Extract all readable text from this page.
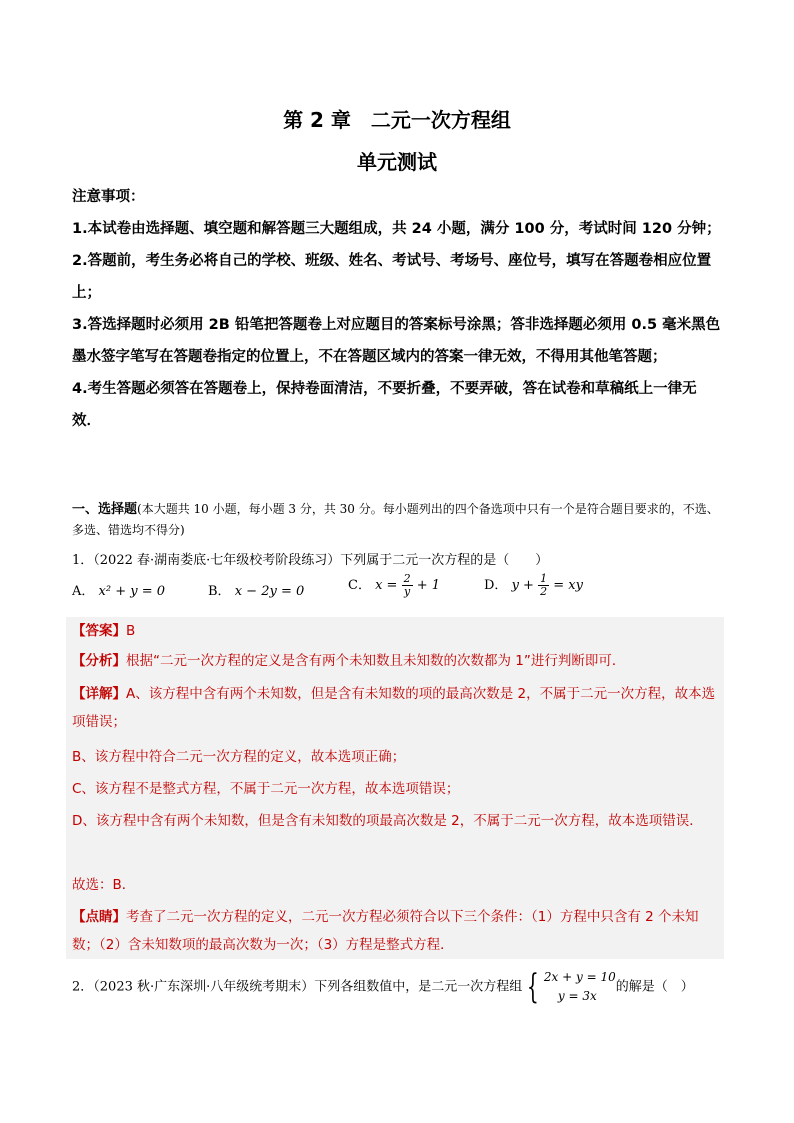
第 2 章　二元一次方程组
单元测试

注意事项：

1.本试卷由选择题、填空题和解答题三大题组成，共 24 小题，满分 100 分，考试时间 120 分钟；

2.答题前，考生务必将自己的学校、班级、姓名、考试号、考场号、座位号，填写在答题卷相应位置上；

3.答选择题时必须用 2B 铅笔把答题卷上对应题目的答案标号涂黑；答非选择题必须用 0.5 毫米黑色墨水签字笔写在答题卷指定的位置上，不在答题区域内的答案一律无效，不得用其他笔答题；

4.考生答题必须答在答题卷上，保持卷面清洁，不要折叠，不要弄破，答在试卷和草稿纸上一律无效．

一、选择题(本大题共 10 小题，每小题 3 分，共 30 分。每小题列出的四个备选项中只有一个是符合题目要求的，不选、多选、错选均不得分)
1．（2022 春·湖南娄底·七年级校考阶段练习）下列属于二元一次方程的是（　　）
A． x² + y = 0	B． x − 2y = 0	C． $x = \frac{2}{y} + 1$	D． $y + \frac{1}{2}$ = xy
【答案】B
【分析】根据“二元一次方程的定义是含有两个未知数且未知数的次数都为 1”进行判断即可．
【详解】A、该方程中含有两个未知数，但是含有未知数的项的最高次数是 2，不属于二元一次方程，故本选项错误；
B、该方程中符合二元一次方程的定义，故本选项正确；
C、该方程不是整式方程，不属于二元一次方程，故本选项错误；
D、该方程中含有两个未知数，但是含有未知数的项最高次数是 2，不属于二元一次方程，故本选项错误．
故选：B．
【点睛】考查了二元一次方程的定义，二元一次方程必须符合以下三个条件：（1）方程中只含有 2 个未知数；（2）含未知数项的最高次数为一次；（3）方程是整式方程．
2．（2023 秋·广东深圳·八年级统考期末）下列各组数值中，是二元一次方程组 { 2x + y = 10
y = 3x
的解是（　）
